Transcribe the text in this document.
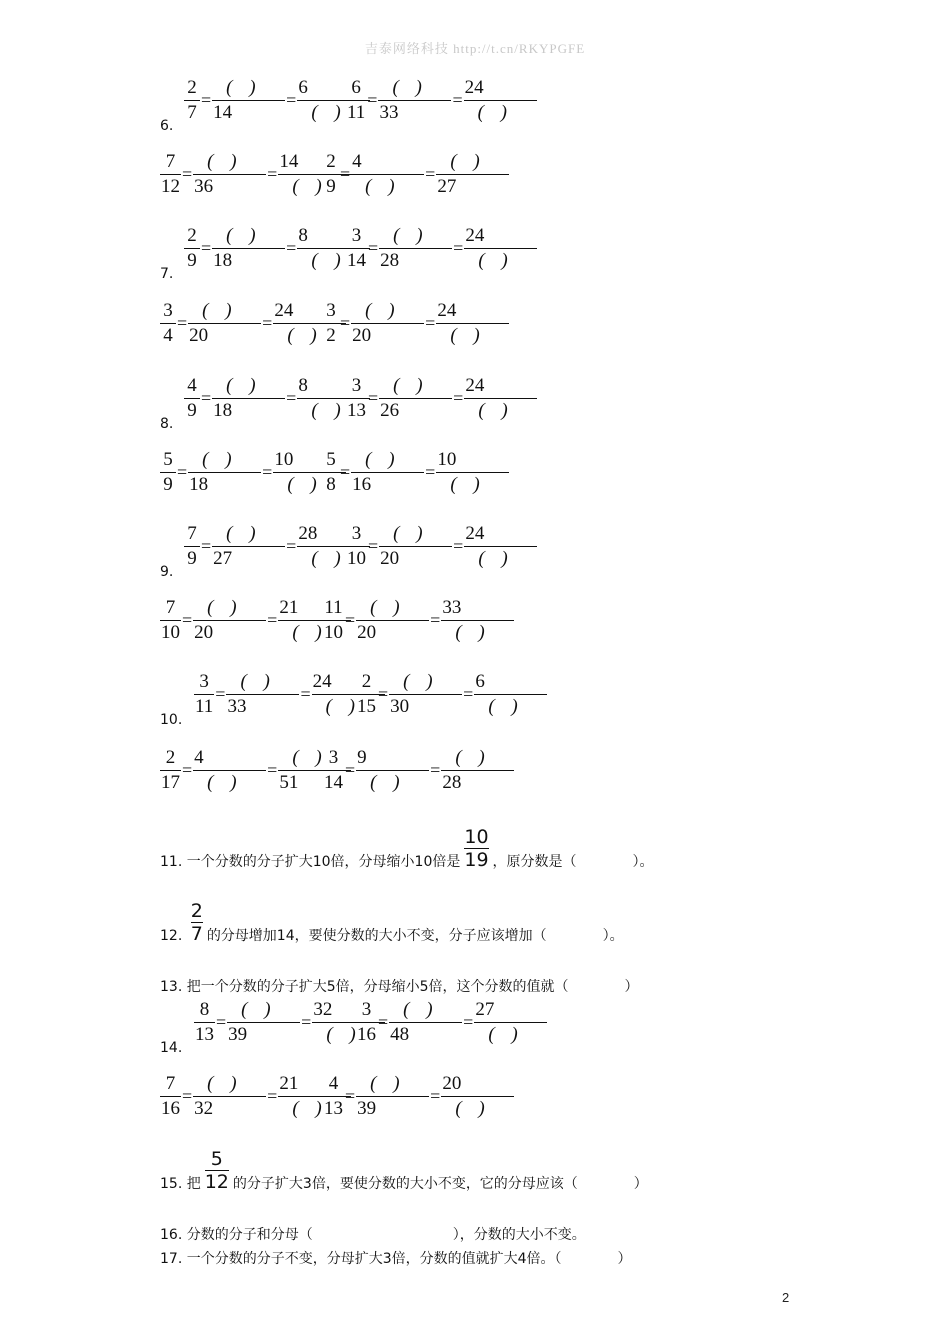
吉泰网络科技 http://t.cn/RKYPGFE
6.
$\frac{2}{7} = \frac{( )}{14} = \frac{6}{( )}$
$\frac{6}{11} = \frac{( )}{33} = \frac{24}{( )}$
$\frac{7}{12} = \frac{( )}{36} = \frac{14}{( )}$
$\frac{2}{9} = \frac{4}{( )} = \frac{( )}{27}$
7.
$\frac{2}{9} = \frac{( )}{18} = \frac{8}{( )}$
$\frac{3}{14} = \frac{( )}{28} = \frac{24}{( )}$
$\frac{3}{4} = \frac{( )}{20} = \frac{24}{( )}$
$\frac{3}{2} = \frac{( )}{20} = \frac{24}{( )}$
8.
$\frac{4}{9} = \frac{( )}{18} = \frac{8}{( )}$
$\frac{3}{13} = \frac{( )}{26} = \frac{24}{( )}$
$\frac{5}{9} = \frac{( )}{18} = \frac{10}{( )}$
$\frac{5}{8} = \frac{( )}{16} = \frac{10}{( )}$
9.
$\frac{7}{9} = \frac{( )}{27} = \frac{28}{( )}$
$\frac{3}{10} = \frac{( )}{20} = \frac{24}{( )}$
$\frac{7}{10} = \frac{( )}{20} = \frac{21}{( )}$
$\frac{11}{10} = \frac{( )}{20} = \frac{33}{( )}$
10.
$\frac{3}{11} = \frac{( )}{33} = \frac{24}{( )}$
$\frac{2}{15} = \frac{( )}{30} = \frac{6}{( )}$
$\frac{2}{17} = \frac{4}{( )} = \frac{( )}{51}$
$\frac{3}{14} = \frac{9}{( )} = \frac{( )}{28}$
14.
$\frac{8}{13} = \frac{( )}{39} = \frac{32}{( )}$
$\frac{3}{16} = \frac{( )}{48} = \frac{27}{( )}$
$\frac{7}{16} = \frac{( )}{32} = \frac{21}{( )}$
$\frac{4}{13} = \frac{( )}{39} = \frac{20}{( )}$
11. 一个分数的分子扩大10倍，分母缩小10倍是 $\frac{10}{19}$ ，原分数是（　　　　）。
12. $\frac{2}{7}$ 的分母增加14，要使分数的大小不变，分子应该增加（　　　　）。
13. 把一个分数的分子扩大5倍，分母缩小5倍，这个分数的值就（　　　　）
15. 把 $\frac{5}{12}$ 的分子扩大3倍，要使分数的大小不变，它的分母应该（　　　　）
16. 分数的分子和分母（　　　　　　　　　　），分数的大小不变。
17. 一个分数的分子不变，分母扩大3倍，分数的值就扩大4倍。（　　　　）
2
